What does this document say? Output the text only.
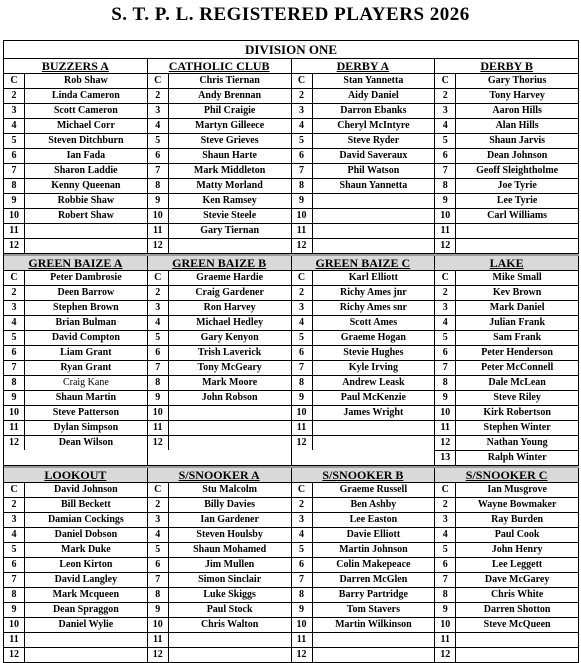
S. T. P. L. REGISTERED PLAYERS 2026
DIVISION ONE
BUZZERS A
C	Rob Shaw
2	Linda Cameron
3	Scott Cameron
4	Michael Corr
5	Steven Ditchburn
6	Ian Fada
7	Sharon Laddie
8	Kenny Queenan
9	Robbie Shaw
10	Robert Shaw
11
12
CATHOLIC CLUB
C	Chris Tiernan
2	Andy Brennan
3	Phil Craigie
4	Martyn Gilleece
5	Steve Grieves
6	Shaun Harte
7	Mark Middleton
8	Matty Morland
9	Ken Ramsey
10	Stevie Steele
11	Gary Tiernan
12
DERBY A
C	Stan Yannetta
2	Aidy Daniel
3	Darron Ebanks
4	Cheryl McIntyre
5	Steve Ryder
6	David Saveraux
7	Phil Watson
8	Shaun Yannetta
9
10
11
12
DERBY B
C	Gary Thorius
2	Tony Harvey
3	Aaron Hills
4	Alan Hills
5	Shaun Jarvis
6	Dean Johnson
7	Geoff Sleightholme
8	Joe Tyrie
9	Lee Tyrie
10	Carl Williams
11
12
GREEN BAIZE A
C	Peter Dambrosie
2	Deen Barrow
3	Stephen Brown
4	Brian Bulman
5	David Compton
6	Liam Grant
7	Ryan Grant
8	Craig Kane
9	Shaun Martin
10	Steve Patterson
11	Dylan Simpson
12	Dean Wilson
GREEN BAIZE B
C	Graeme Hardie
2	Craig Gardener
3	Ron Harvey
4	Michael Hedley
5	Gary Kenyon
6	Trish Laverick
7	Tony McGeary
8	Mark Moore
9	John Robson
10
11
12
GREEN BAIZE C
C	Karl Elliott
2	Richy Ames jnr
3	Richy Ames snr
4	Scott Ames
5	Graeme Hogan
6	Stevie Hughes
7	Kyle Irving
8	Andrew Leask
9	Paul McKenzie
10	James Wright
11
12
LAKE
C	Mike Small
2	Kev Brown
3	Mark Daniel
4	Julian Frank
5	Sam Frank
6	Peter Henderson
7	Peter McConnell
8	Dale McLean
9	Steve Riley
10	Kirk Robertson
11	Stephen Winter
12	Nathan Young
13	Ralph Winter
LOOKOUT
C	David Johnson
2	Bill Beckett
3	Damian Cockings
4	Daniel Dobson
5	Mark Duke
6	Leon Kirton
7	David Langley
8	Mark Mcqueen
9	Dean Spraggon
10	Daniel Wylie
11
12
S/SNOOKER A
C	Stu Malcolm
2	Billy Davies
3	Ian Gardener
4	Steven Houlsby
5	Shaun Mohamed
6	Jim Mullen
7	Simon Sinclair
8	Luke Skiggs
9	Paul Stock
10	Chris Walton
11
12
S/SNOOKER B
C	Graeme Russell
2	Ben Ashby
3	Lee Easton
4	Davie Elliott
5	Martin Johnson
6	Colin Makepeace
7	Darren McGlen
8	Barry Partridge
9	Tom Stavers
10	Martin Wilkinson
11
12
S/SNOOKER C
C	Ian Musgrove
2	Wayne Bowmaker
3	Ray Burden
4	Paul Cook
5	John Henry
6	Lee Leggett
7	Dave McGarey
8	Chris White
9	Darren Shotton
10	Steve McQueen
11
12
